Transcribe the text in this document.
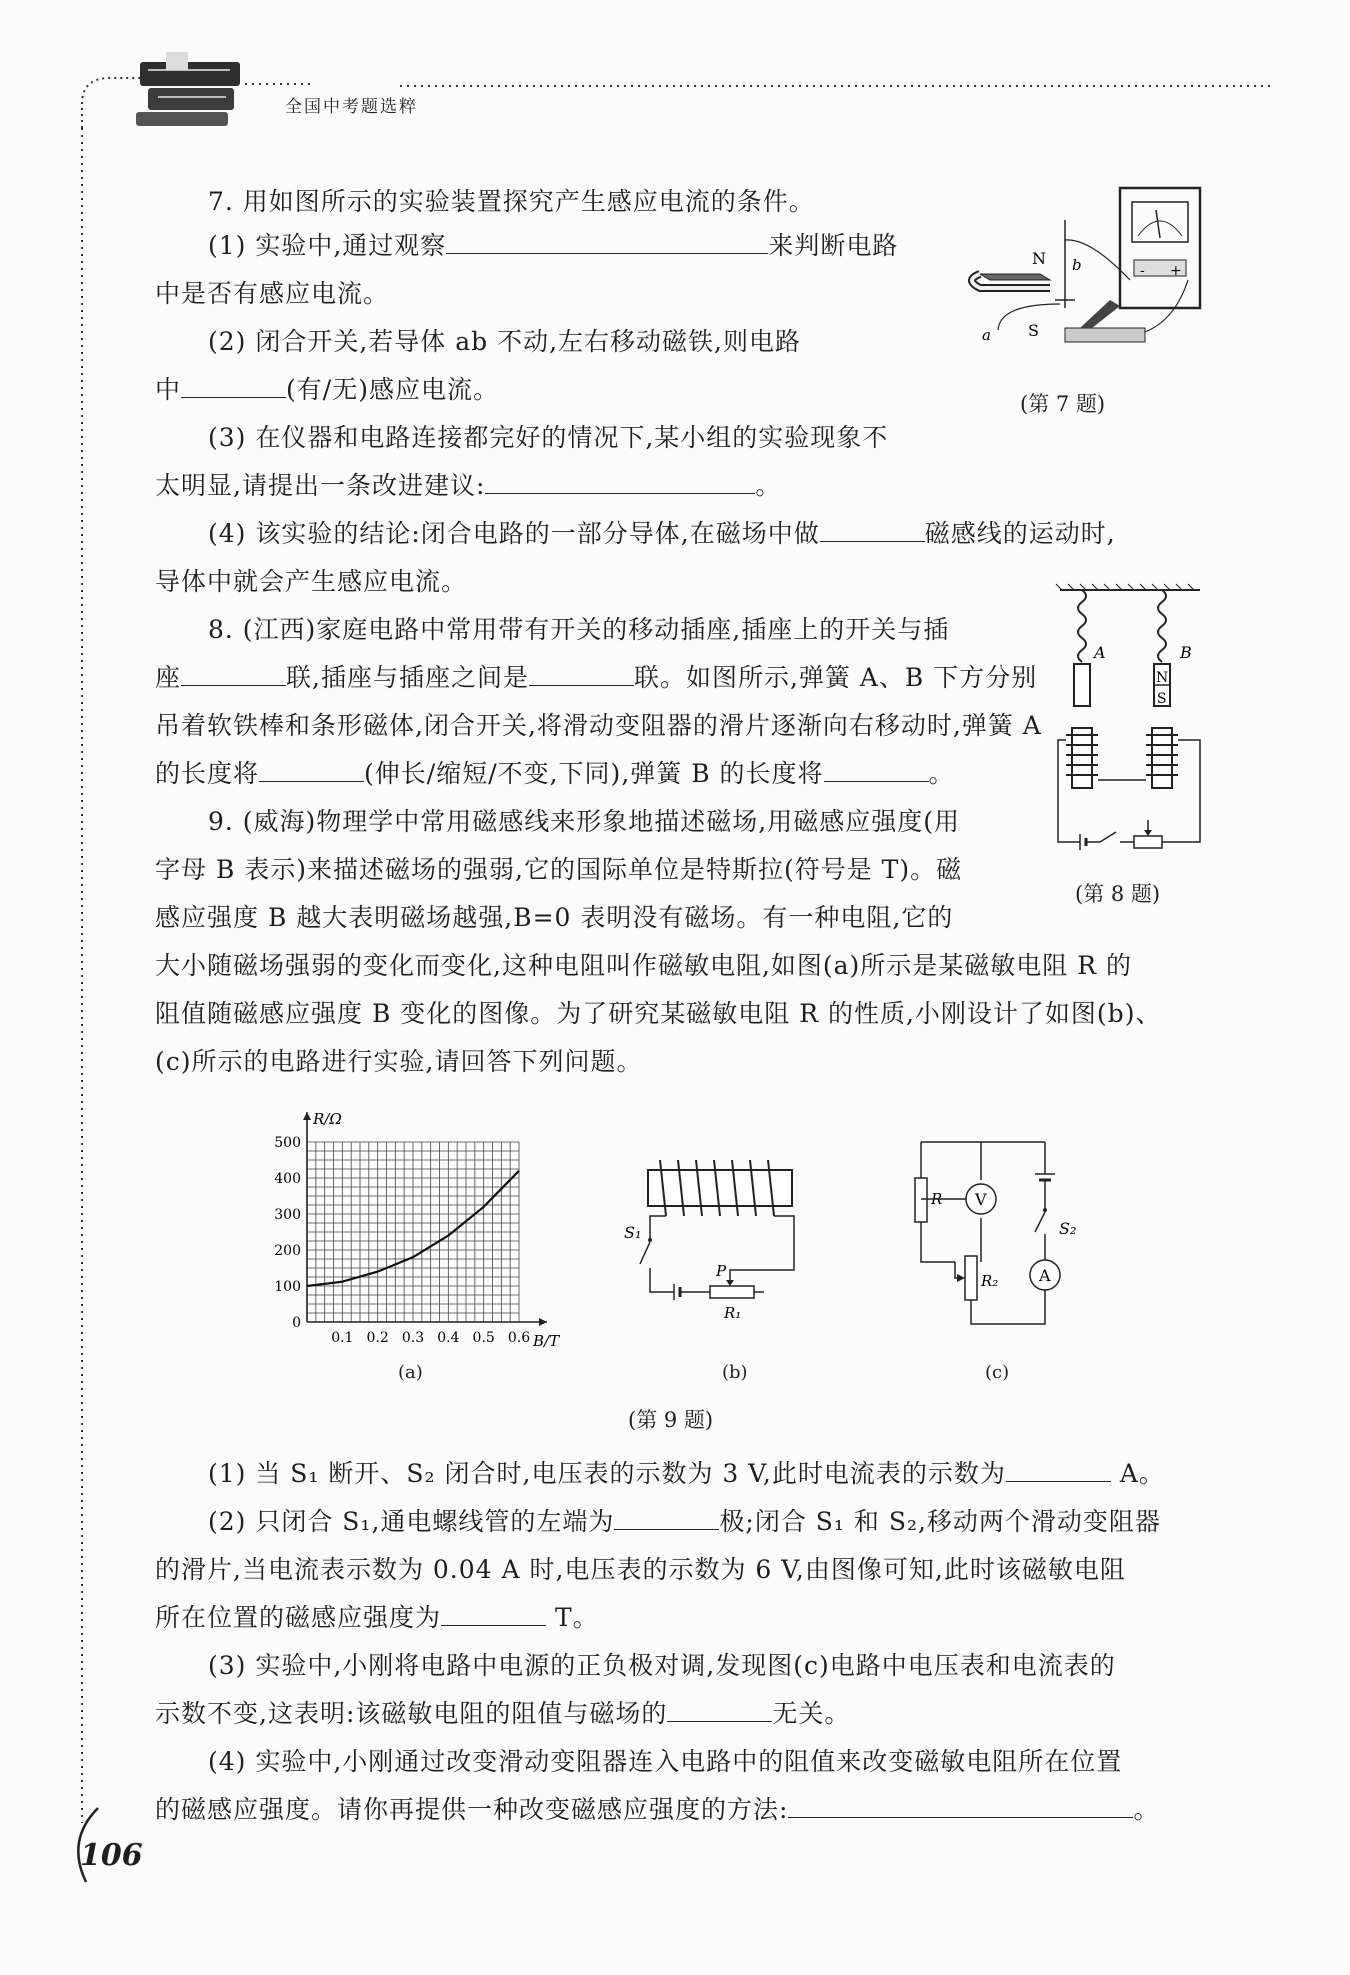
全国中考题选粹
7. 用如图所示的实验装置探究产生感应电流的条件。
(1) 实验中,通过观察	来判断电路
中是否有感应电流。
(2) 闭合开关,若导体 ab 不动,左右移动磁铁,则电路
中	(有/无)感应电流。
(3) 在仪器和电路连接都完好的情况下,某小组的实验现象不
太明显,请提出一条改进建议:	。
(4) 该实验的结论:闭合电路的一部分导体,在磁场中做	磁感线的运动时,
导体中就会产生感应电流。
- +
N
S
b
a
(第 7 题)
8. (江西)家庭电路中常用带有开关的移动插座,插座上的开关与插
座	联,插座与插座之间是	联。如图所示,弹簧 A、B 下方分别
吊着软铁棒和条形磁体,闭合开关,将滑动变阻器的滑片逐渐向右移动时,弹簧 A
的长度将	(伸长/缩短/不变,下同),弹簧 B 的长度将	。
A	B
N
S
(第 8 题)
9. (威海)物理学中常用磁感线来形象地描述磁场,用磁感应强度(用
字母 B 表示)来描述磁场的强弱,它的国际单位是特斯拉(符号是 T)。磁
感应强度 B 越大表明磁场越强,B=0 表明没有磁场。有一种电阻,它的
大小随磁场强弱的变化而变化,这种电阻叫作磁敏电阻,如图(a)所示是某磁敏电阻 R 的
阻值随磁感应强度 B 变化的图像。为了研究某磁敏电阻 R 的性质,小刚设计了如图(b)、
(c)所示的电路进行实验,请回答下列问题。
0
100
200
300
400
500
0.1 0.2 0.3 0.4 0.5 0.6
R/Ω
B/T
(a)
S₁
P
R₁
(b)
R V
S₂
A
R₂
(c)
(第 9 题)
(1) 当 S₁ 断开、S₂ 闭合时,电压表的示数为 3 V,此时电流表的示数为	A。
(2) 只闭合 S₁,通电螺线管的左端为	极;闭合 S₁ 和 S₂,移动两个滑动变阻器
的滑片,当电流表示数为 0.04 A 时,电压表的示数为 6 V,由图像可知,此时该磁敏电阻
所在位置的磁感应强度为	T。
(3) 实验中,小刚将电路中电源的正负极对调,发现图(c)电路中电压表和电流表的
示数不变,这表明:该磁敏电阻的阻值与磁场的	无关。
(4) 实验中,小刚通过改变滑动变阻器连入电路中的阻值来改变磁敏电阻所在位置
的磁感应强度。请你再提供一种改变磁感应强度的方法:	。
106
